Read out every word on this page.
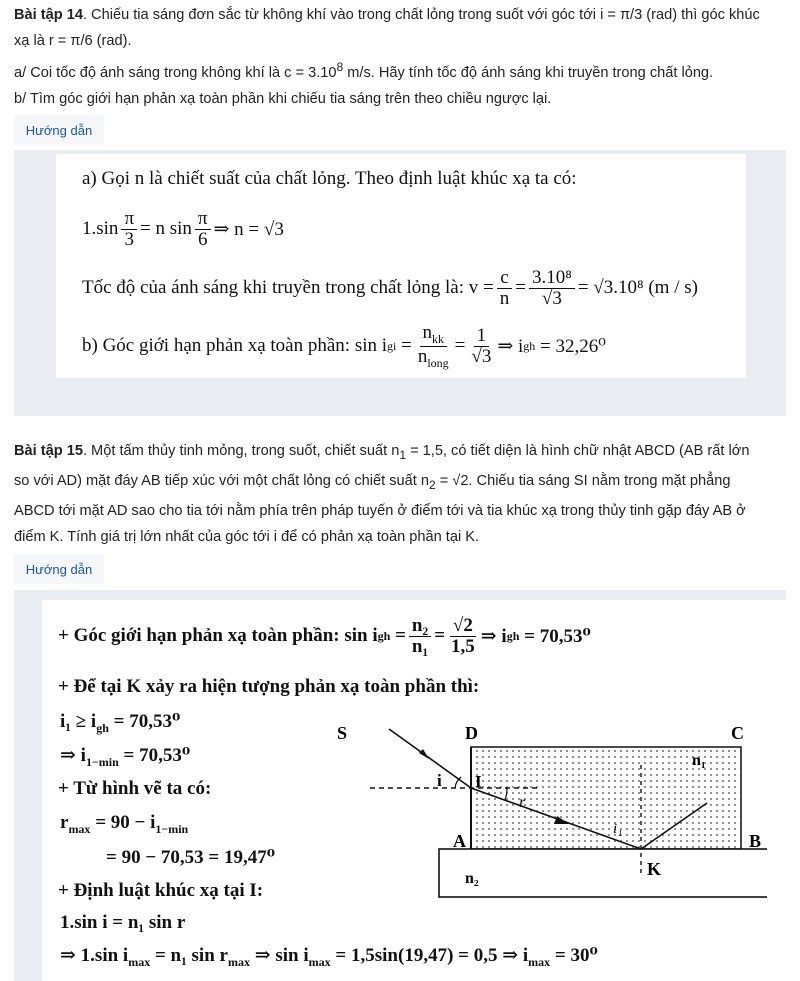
Bài tập 14. Chiếu tia sáng đơn sắc từ không khí vào trong chất lỏng trong suốt với góc tới i = π/3 (rad) thì góc khúc
xạ là r = π/6 (rad).
a/ Coi tốc độ ánh sáng trong không khí là $c = 3.10^8$ m/s. Hãy tính tốc độ ánh sáng khi truyền trong chất lỏng.
b/ Tìm góc giới hạn phản xạ toàn phần khi chiếu tia sáng trên theo chiều ngược lại.
Hướng dẫn
a) Gọi n là chiết suất của chất lỏng. Theo định luật khúc xạ ta có:
$1.\sin \frac{\pi}{3} = n$ $\sin \frac{\pi}{6}$ ⇒ n = √3
Tốc độ của ánh sáng khi truyền trong chất lỏng là:
$v = \frac{c}{n} = \frac{\text{3.10⁸}}{√3} = √3.10^8$ (m / s)
b) Góc giới hạn phản xạ toàn phần:
sin i gi = $\frac{n_{kk}}{n_{long}} = \frac{1}{√3}$ ⇒ i gh
= 32,26⁰
Bài tập 15. Một tấm thủy tinh mỏng, trong suốt, chiết suất $n_1 = 1,5$, có tiết diện là hình chữ nhật ABCD (AB rất lớn
so với AD) mặt đáy AB tiếp xúc với một chất lỏng có chiết suất $n_2 = √2$. Chiếu tia sáng SI nằm trong mặt phẳng
ABCD tới mặt AD sao cho tia tới nằm phía trên pháp tuyến ở điểm tới và tia khúc xạ trong thủy tinh gặp đáy AB ở
điểm K. Tính giá trị lớn nhất của góc tới i để có phản xạ toàn phần tại K.
Hướng dẫn
+ Góc giới hạn phản xạ toàn phần: sin i gh = $\frac{\text{n₂}}{\text{n₁}} = \frac{√2}{1,5}$ ⇒ i gh
= 70,53⁰
+ Để tại K xảy ra hiện tượng phản xạ toàn phần thì:
$i_1 \ge i_{gh} = 70,53^0$
⇒ $i_{1-min} = 70,53^0$
+ Từ hình vẽ ta có:
$r_{max} = 90 - i_{1-min}$
= 90 − 70,53 = 19,47⁰
+ Định luật khúc xạ tại I:
1.sin i = n₁ sin r
⇒ 1.sin $i_{max} = n_1$ $\sin r_{max}$ ⇒ $\sin i_{max} = 1,5\sin(19,47) = 0,5$ ⇒ $i_{max} = 30^0$
S	D	C
A	B
K
I
i
r
i₁
n₁
n₂
